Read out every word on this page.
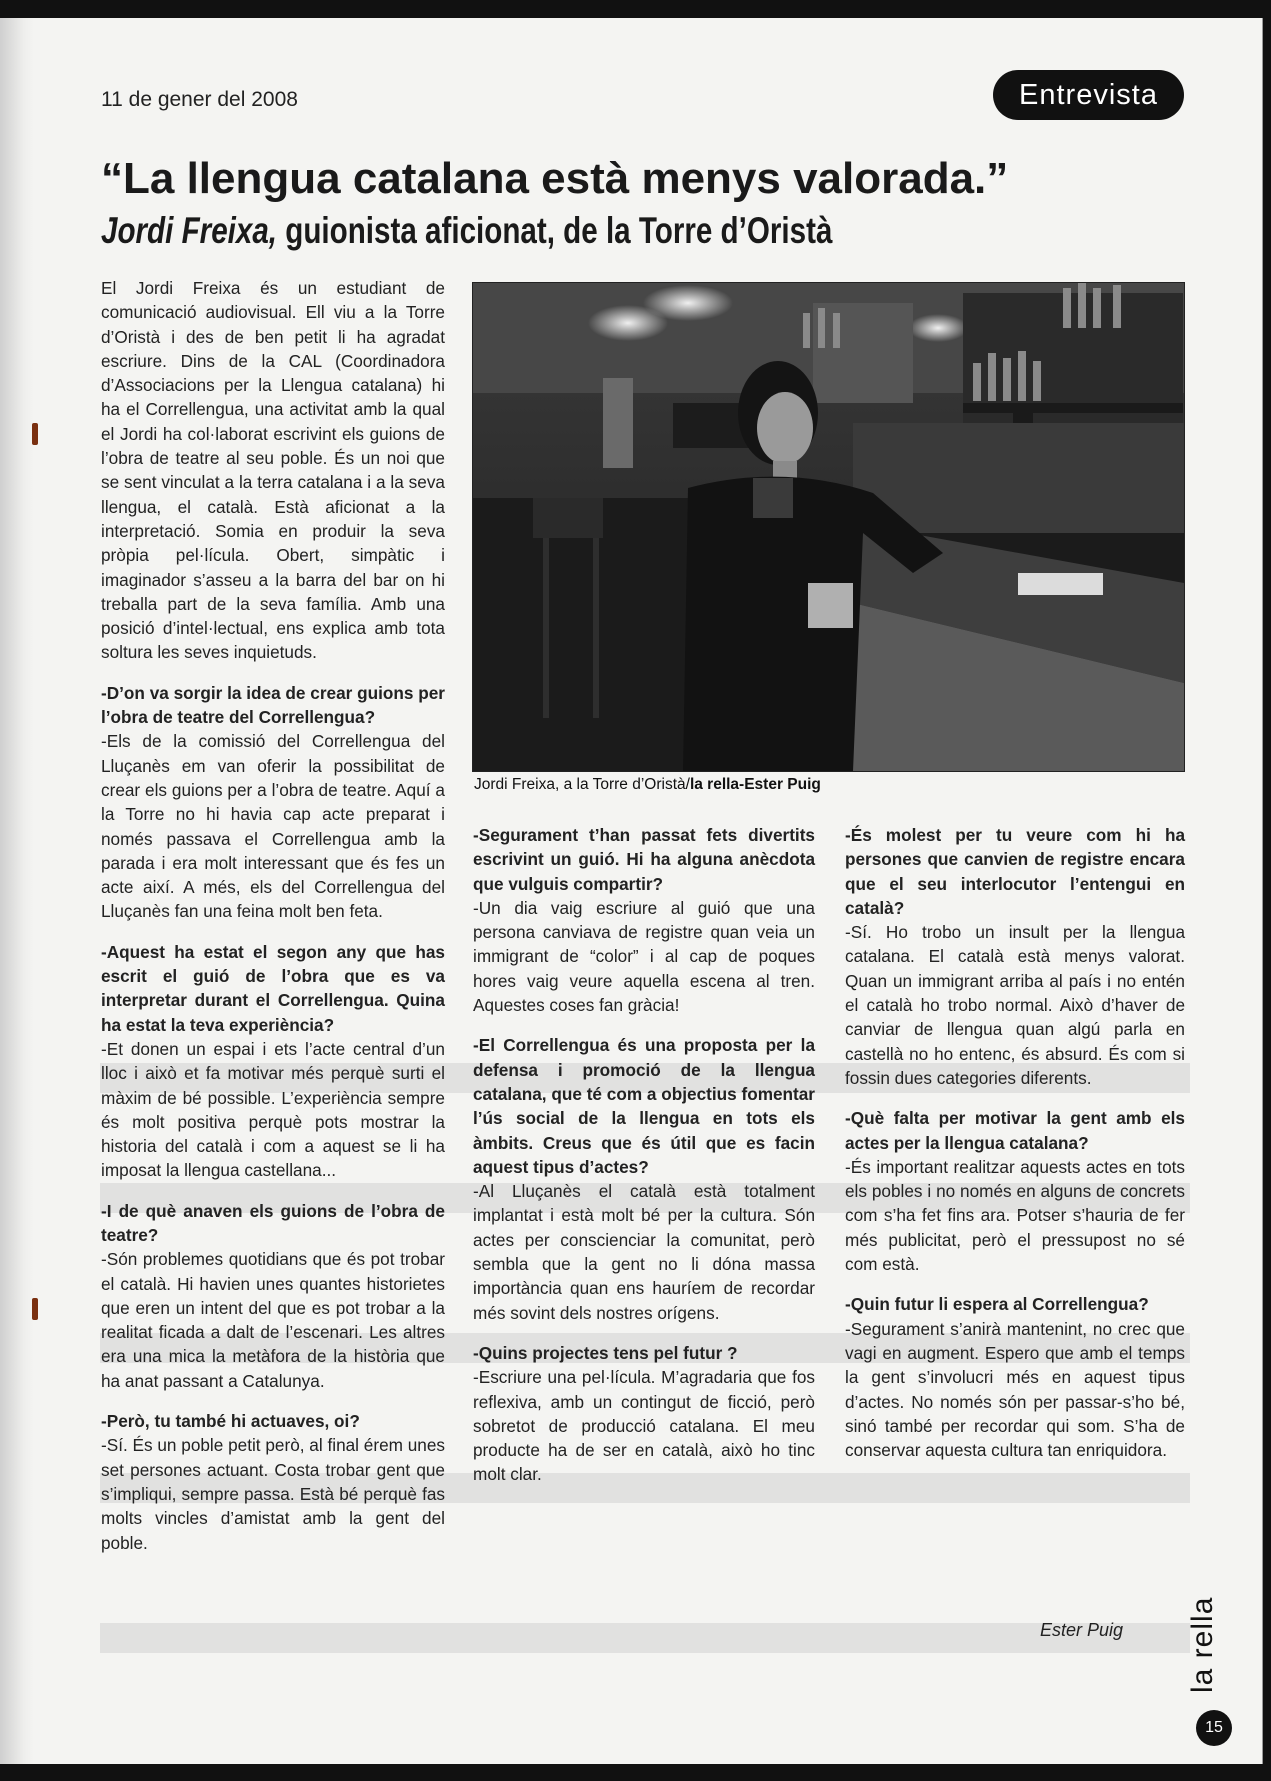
11 de gener del 2008	Entrevista
“La llengua catalana està menys valorada.”
Jordi Freixa, guionista aficionat, de la Torre d’Oristà
Jordi Freixa, a la Torre d’Oristà/la rella-Ester Puig

El Jordi Freixa és un estudiant de comunicació audiovisual. Ell viu a la Torre d’Oristà i des de ben petit li ha agradat escriure. Dins de la CAL (Coordinadora d’Associacions per la Llengua catalana) hi ha el Correllengua, una activitat amb la qual el Jordi ha col·laborat escrivint els guions de l’obra de teatre al seu poble. És un noi que se sent vinculat a la terra catalana i a la seva llengua, el català. Està aficionat a la interpretació. Somia en produir la seva pròpia pel·lícula. Obert, simpàtic i imaginador s’asseu a la barra del bar on hi treballa part de la seva família. Amb una posició d’intel·lectual, ens explica amb tota soltura les seves inquietuds.

-D’on va sorgir la idea de crear guions per l’obra de teatre del Correllengua?

-Els de la comissió del Correllengua del Lluçanès em van oferir la possibilitat de crear els guions per a l’obra de teatre. Aquí a la Torre no hi havia cap acte preparat i només passava el Correllengua amb la parada i era molt interessant que és fes un acte així. A més, els del Correllengua del Lluçanès fan una feina molt ben feta.

-Aquest ha estat el segon any que has escrit el guió de l’obra que es va interpretar durant el Correllengua. Quina ha estat la teva experiència?

-Et donen un espai i ets l’acte central d’un lloc i això et fa motivar més perquè surti el màxim de bé possible. L’experiència sempre és molt positiva perquè pots mostrar la historia del català i com a aquest se li ha imposat la llengua castellana...

-I de què anaven els guions de l’obra de teatre?

-Són problemes quotidians que és pot trobar el català. Hi havien unes quantes historietes que eren un intent del que es pot trobar a la realitat ficada a dalt de l’escenari. Les altres era una mica la metàfora de la història que ha anat passant a Catalunya.

-Però, tu també hi actuaves, oi?

-Sí. És un poble petit però, al final érem unes set persones actuant. Costa trobar gent que s’impliqui, sempre passa. Està bé perquè fas molts vincles d’amistat amb la gent del poble.

-Segurament t’han passat fets divertits escrivint un guió. Hi ha alguna anècdota que vulguis compartir?

-Un dia vaig escriure al guió que una persona canviava de registre quan veia un immigrant de “color” i al cap de poques hores vaig veure aquella escena al tren. Aquestes coses fan gràcia!

-El Correllengua és una proposta per la defensa i promoció de la llengua catalana, que té com a objectius fomentar l’ús social de la llengua en tots els àmbits. Creus que és útil que es facin aquest tipus d’actes?

-Al Lluçanès el català està totalment implantat i està molt bé per la cultura. Són actes per conscienciar la comunitat, però sembla que la gent no li dóna massa importància quan ens hauríem de recordar més sovint dels nostres orígens.

-Quins projectes tens pel futur ?

-Escriure una pel·lícula. M’agradaria que fos reflexiva, amb un contingut de ficció, però sobretot de producció catalana. El meu producte ha de ser en català, això ho tinc molt clar.

-És molest per tu veure com hi ha persones que canvien de registre encara que el seu interlocutor l’entengui en català?

-Sí. Ho trobo un insult per la llengua catalana. El català està menys valorat. Quan un immigrant arriba al país i no entén el català ho trobo normal. Això d’haver de canviar de llengua quan algú parla en castellà no ho entenc, és absurd. És com si fossin dues categories diferents.

-Què falta per motivar la gent amb els actes per la llengua catalana?

-És important realitzar aquests actes en tots els pobles i no només en alguns de concrets com s’ha fet fins ara. Potser s’hauria de fer més publicitat, però el pressupost no sé com està.

-Quin futur li espera al Correllengua?

-Segurament s’anirà mantenint, no crec que vagi en augment. Espero que amb el temps la gent s’involucri més en aquest tipus d’actes. No només són per passar-s’ho bé, sinó també per recordar qui som. S’ha de conservar aquesta cultura tan enriquidora.

Ester Puig la rella
15
